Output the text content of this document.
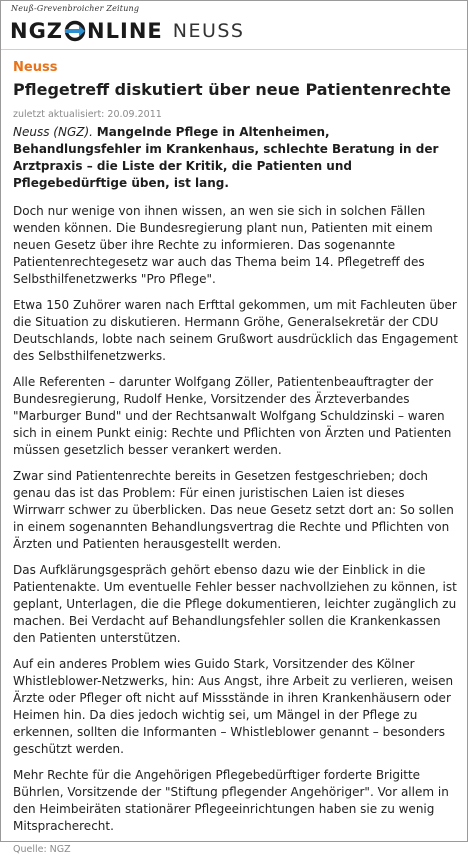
Neuß-Grevenbroicher Zeitung
NGZ NLINE NEUSS
Neuss
Pflegetreff diskutiert über neue Patientenrechte
zuletzt aktualisiert: 20.09.2011

Neuss (NGZ). Mangelnde Pflege in Altenheimen, Behandlungsfehler im Krankenhaus, schlechte Beratung in der Arztpraxis – die Liste der Kritik, die Patienten und Pflegebedürftige üben, ist lang.

Doch nur wenige von ihnen wissen, an wen sie sich in solchen Fällen wenden können. Die Bundesregierung plant nun, Patienten mit einem neuen Gesetz über ihre Rechte zu informieren. Das sogenannte Patientenrechtegesetz war auch das Thema beim 14. Pflegetreff des Selbsthilfenetzwerks "Pro Pflege".

Etwa 150 Zuhörer waren nach Erfttal gekommen, um mit Fachleuten über die Situation zu diskutieren. Hermann Gröhe, Generalsekretär der CDU Deutschlands, lobte nach seinem Grußwort ausdrücklich das Engagement des Selbsthilfenetzwerks.

Alle Referenten – darunter Wolfgang Zöller, Patientenbeauftragter der Bundesregierung, Rudolf Henke, Vorsitzender des Ärzteverbandes "Marburger Bund" und der Rechtsanwalt Wolfgang Schuldzinski – waren sich in einem Punkt einig: Rechte und Pflichten von Ärzten und Patienten müssen gesetzlich besser verankert werden.

Zwar sind Patientenrechte bereits in Gesetzen festgeschrieben; doch genau das ist das Problem: Für einen juristischen Laien ist dieses Wirrwarr schwer zu überblicken. Das neue Gesetz setzt dort an: So sollen in einem sogenannten Behandlungsvertrag die Rechte und Pflichten von Ärzten und Patienten herausgestellt werden.

Das Aufklärungsgespräch gehört ebenso dazu wie der Einblick in die Patientenakte. Um eventuelle Fehler besser nachvollziehen zu können, ist geplant, Unterlagen, die die Pflege dokumentieren, leichter zugänglich zu machen. Bei Verdacht auf Behandlungsfehler sollen die Krankenkassen den Patienten unterstützen.

Auf ein anderes Problem wies Guido Stark, Vorsitzender des Kölner Whistleblower-Netzwerks, hin: Aus Angst, ihre Arbeit zu verlieren, weisen Ärzte oder Pfleger oft nicht auf Missstände in ihren Krankenhäusern oder Heimen hin. Da dies jedoch wichtig sei, um Mängel in der Pflege zu erkennen, sollten die Informanten – Whistleblower genannt – besonders geschützt werden.

Mehr Rechte für die Angehörigen Pflegebedürftiger forderte Brigitte Bührlen, Vorsitzende der "Stiftung pflegender Angehöriger". Vor allem in den Heimbeiräten stationärer Pflegeeinrichtungen haben sie zu wenig Mitspracherecht.

Quelle: NGZ
